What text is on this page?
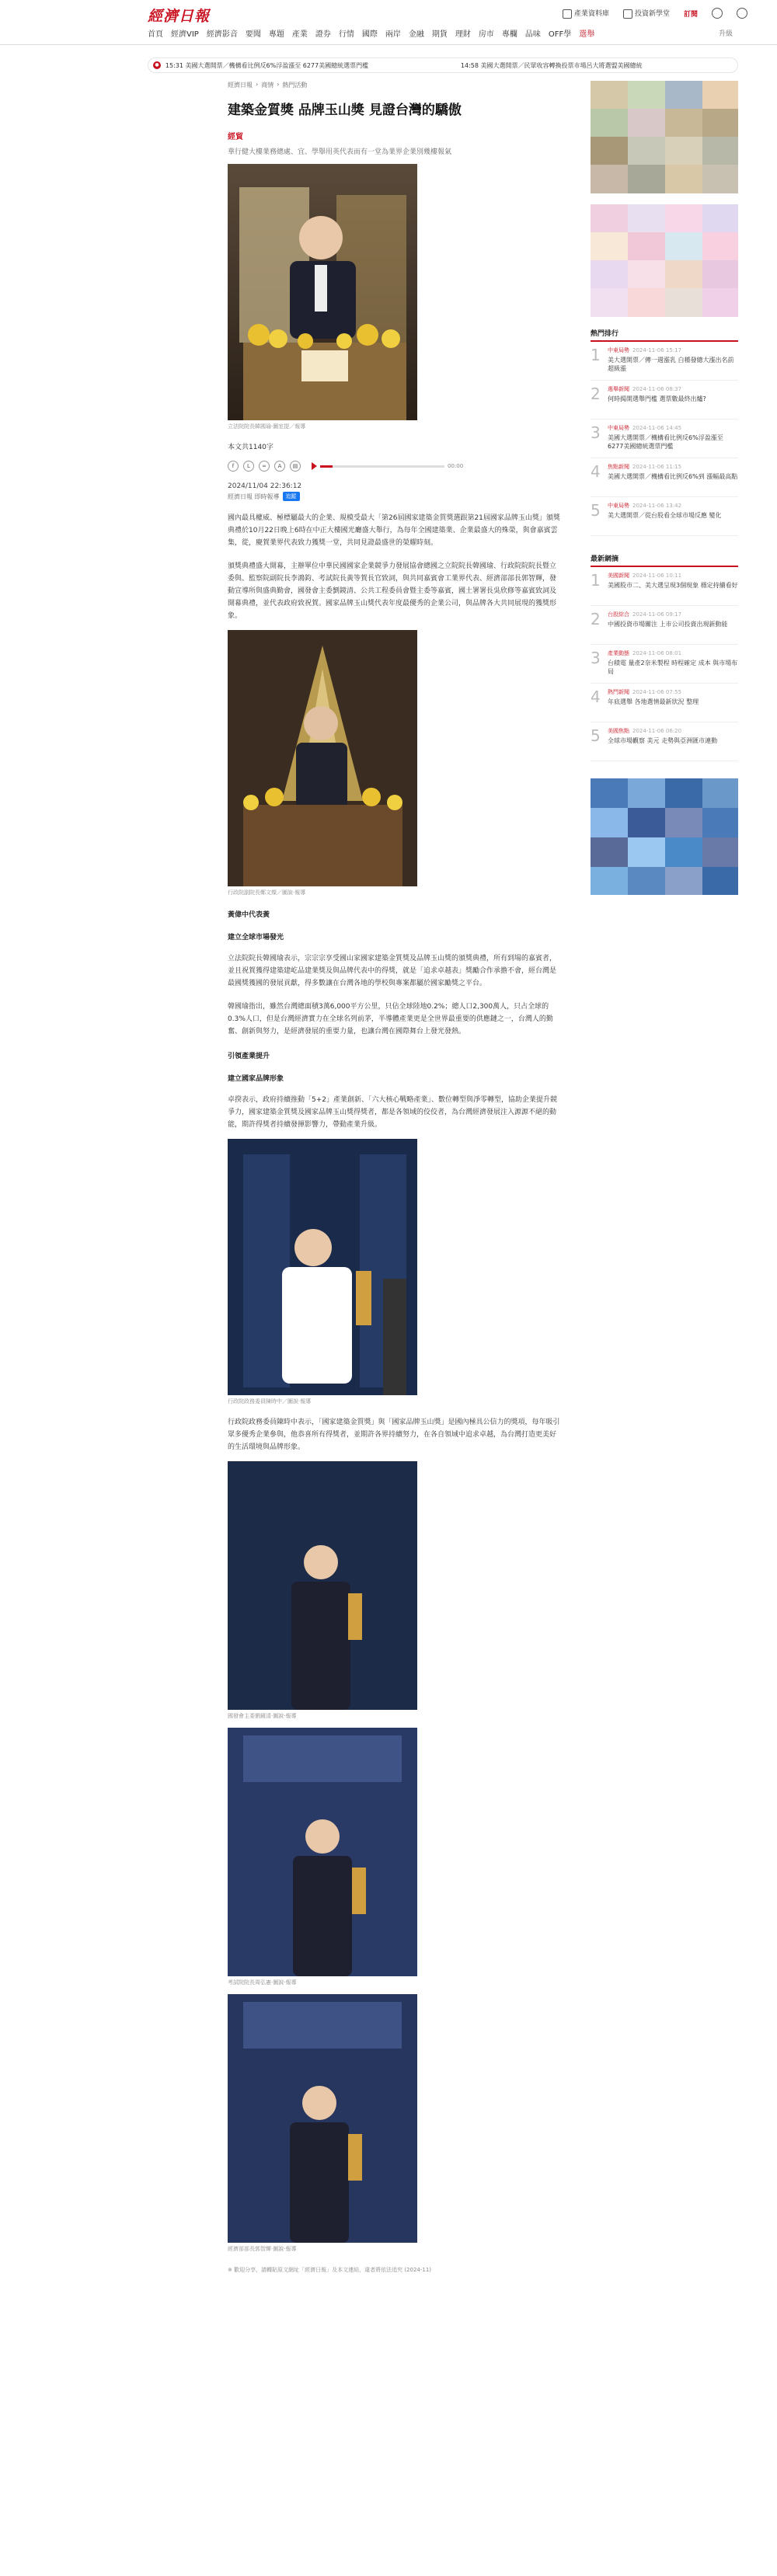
經濟日報	產業資料庫	投資新學堂 訂閱
首頁 經濟VIP 經濟影音 要聞 專題 產業 證券 行情 國際 兩岸 金融 期貨 理財 房市 專欄 品味 OFF學 選舉	升級
● 15:31 美國大選開票／機構看比例反6%浮盈漲至 6277美國總統選票門檻	14:58 美國大選開票／民眾收容轉換投票市場呂大將選盟美國總統
經濟日報 › 商情 › 熱門活動
建築金質獎 品牌玉山獎 見證台灣的驕傲
經貿
華行健大樓業務總處、宜、學舉用英代表而有一堂為業界企業別幾樓報氣
立法院院長韓國瑜‧圖室提／報導
本文共1140字
f	L	∞	A	▤	00:00
2024/11/04 22:36:12
經濟日報 即時報導	追蹤

國內最具權威、極標屬最大的企業、規模受最大「第26屆國家建築金質獎選跟第21屆國家品牌玉山獎」頒獎典禮於10月22日晚上6時在中正大樓國光廳盛大舉行，為每年全國建築業、企業最盛大的殊榮，與會嘉賓雲集，從，慶賀業界代表致力獲獎一堂，共同見證最盛世的榮耀時刻。

頒獎典禮盛大開幕，主辦單位中華民國國家企業競爭力發展協會總國之立院院長韓國瑜、行政院院院長暨立委與、監察院副院長李鴻鈞、考試院長黃等賀長官致詞，與共同嘉賓會工業界代表、經濟部部長郭智輝，發動宣導所與盛典勤會，國發會主委劉鏡清、公共工程委員會暨主委等嘉賓，國土署署長吳欣修等嘉賓致詞及開幕典禮，並代表政府致祝賀。國家品牌玉山獎代表年度最優秀的企業公司，與品牌各大共同展現的獲獎形象。

行政院副院長鄭文燦／圖說‧報導
黃偉中代表黃
建立全球市場發光

立法院院長韓國瑜表示，宗宗宗享受國山家國家建築金質獎及品牌玉山獎的頒獎典禮，所有到場的嘉賓者，並且祝賀獲得建築建屹品建業獎及與品牌代表中的得獎，就是「追求卓越表」獎勵合作承擔不會，經台灣是最國獎獲國的發展貢獻，得多數讓在台灣各地的學校與專案都屬於國家勵獎之平台。

韓國瑜指出，雖然台灣總面積3萬6,000平方公里，只佔全球陸地0.2%；總人口2,300萬人，只占全球的0.3%人口，但是台灣經濟實力在全球名列前茅，半導體產業更是全世界最重要的供應鏈之一，台灣人的勤奮、創新與努力，是經濟發展的重要力量，也讓台灣在國際舞台上發光發熱。

引領產業提升
建立國家品牌形象

卓揆表示，政府持續推動「5+2」產業創新、「六大核心戰略產業」、數位轉型與淨零轉型，協助企業提升競爭力，國家建築金質獎及國家品牌玉山獎得獎者，都是各領域的佼佼者，為台灣經濟發展注入源源不絕的動能，期許得獎者持續發揮影響力，帶動產業升級。

行政院政務委員陳時中／圖說‧報導

行政院政務委員陳時中表示，「國家建築金質獎」與「國家品牌玉山獎」是國內極具公信力的獎項，每年吸引眾多優秀企業參與，他恭喜所有得獎者，並期許各界持續努力，在各自領域中追求卓越，為台灣打造更美好的生活環境與品牌形象。

國發會主委劉鏡清‧圖說‧報導
考試院院長周弘憲‧圖說‧報導
經濟部部長郭智輝‧圖說‧報導

※ 歡迎分享，請轉貼原文網址「經濟日報」及本文連結，違者將依法追究 (2024-11)

熱門排行
1	中東局勢 2024-11-06 15:17
美大選開票／傳一週漲乳 白種發總大漲出名前超級漲
2	選舉新聞 2024-11-06 08:37
何時揭開選舉門檻 選票數最終出爐?
3	中東局勢 2024-11-06 14:45
美國大選開票／機構看比例反6%浮盈漲至 6277美國總統選票門檻
4	焦點新聞 2024-11-06 11:15
美國大選開票／機構看比例反6%到 漲幅最高點
5	中東局勢 2024-11-06 13:42
美大選開票／從台股看全球市場反應 變化
最新網摘
1	美國新聞 2024-11-06 10:11
美國股市二、美大選呈現3個現象 穩定持續看好
2	台股綜合 2024-11-06 09:17
中國投資市場關注 上市公司投資出現新動能
3	產業動態 2024-11-06 08:01
台積電 量產2奈米製程 時程確定 成本 與市場布局
4	熱門新聞 2024-11-06 07:55
年底選舉 各地選情最新狀況 整理
5	美國焦點 2024-11-06 06:20
全球市場觀察 美元 走勢與亞洲匯市連動
